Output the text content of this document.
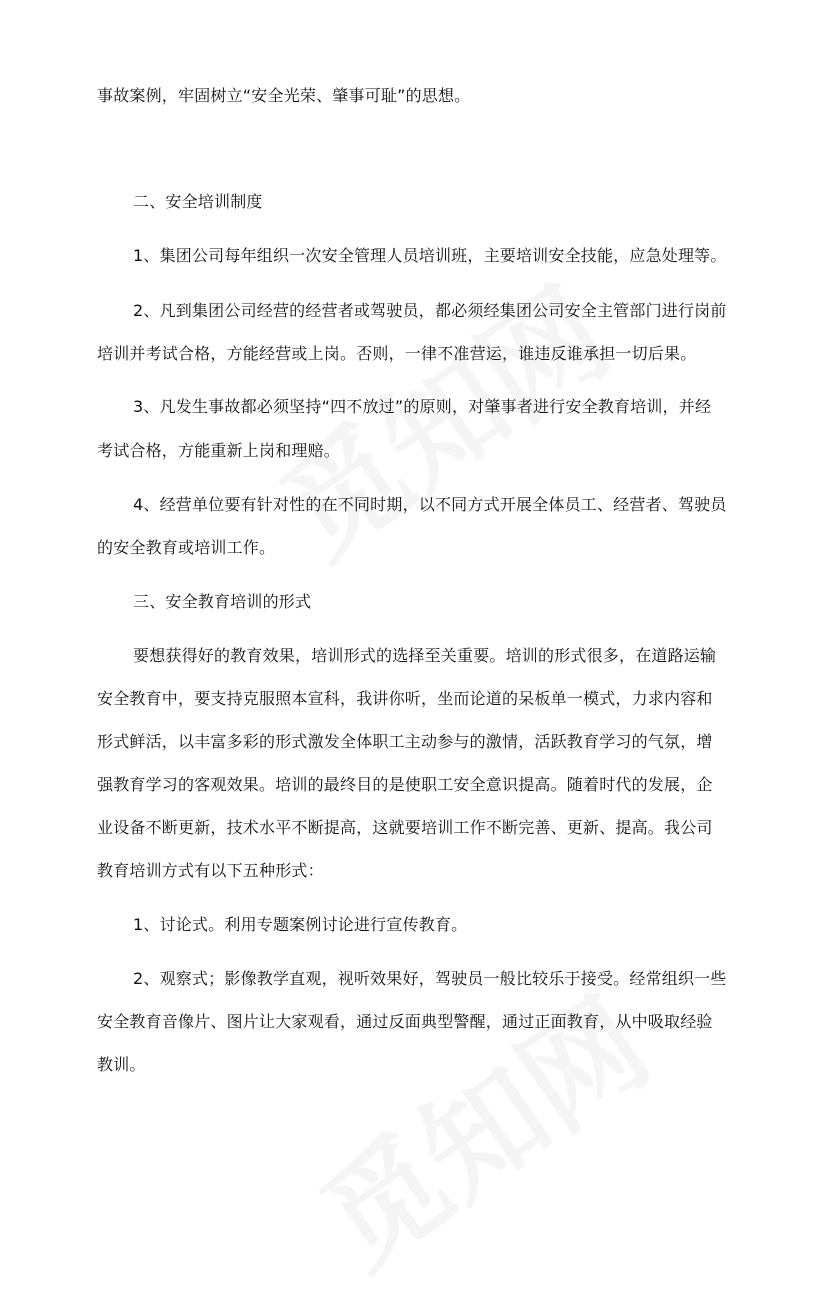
事故案例，牢固树立“安全光荣、肇事可耻”的思想。
二、安全培训制度
1、集团公司每年组织一次安全管理人员培训班，主要培训安全技能，应急处理等。
2、凡到集团公司经营的经营者或驾驶员，都必须经集团公司安全主管部门进行岗前
培训并考试合格，方能经营或上岗。否则，一律不准营运，谁违反谁承担一切后果。
3、凡发生事故都必须坚持“四不放过”的原则，对肇事者进行安全教育培训，并经
考试合格，方能重新上岗和理赔。
4、经营单位要有针对性的在不同时期，以不同方式开展全体员工、经营者、驾驶员
的安全教育或培训工作。
三、安全教育培训的形式
要想获得好的教育效果，培训形式的选择至关重要。培训的形式很多，在道路运输
安全教育中，要支持克服照本宣科，我讲你听，坐而论道的呆板单一模式，力求内容和
形式鲜活，以丰富多彩的形式激发全体职工主动参与的激情，活跃教育学习的气氛，增
强教育学习的客观效果。培训的最终目的是使职工安全意识提高。随着时代的发展，企
业设备不断更新，技术水平不断提高，这就要培训工作不断完善、更新、提高。我公司
教育培训方式有以下五种形式：
1、讨论式。利用专题案例讨论进行宣传教育。
2、观察式；影像教学直观，视听效果好，驾驶员一般比较乐于接受。经常组织一些
安全教育音像片、图片让大家观看，通过反面典型警醒，通过正面教育，从中吸取经验
教训。
